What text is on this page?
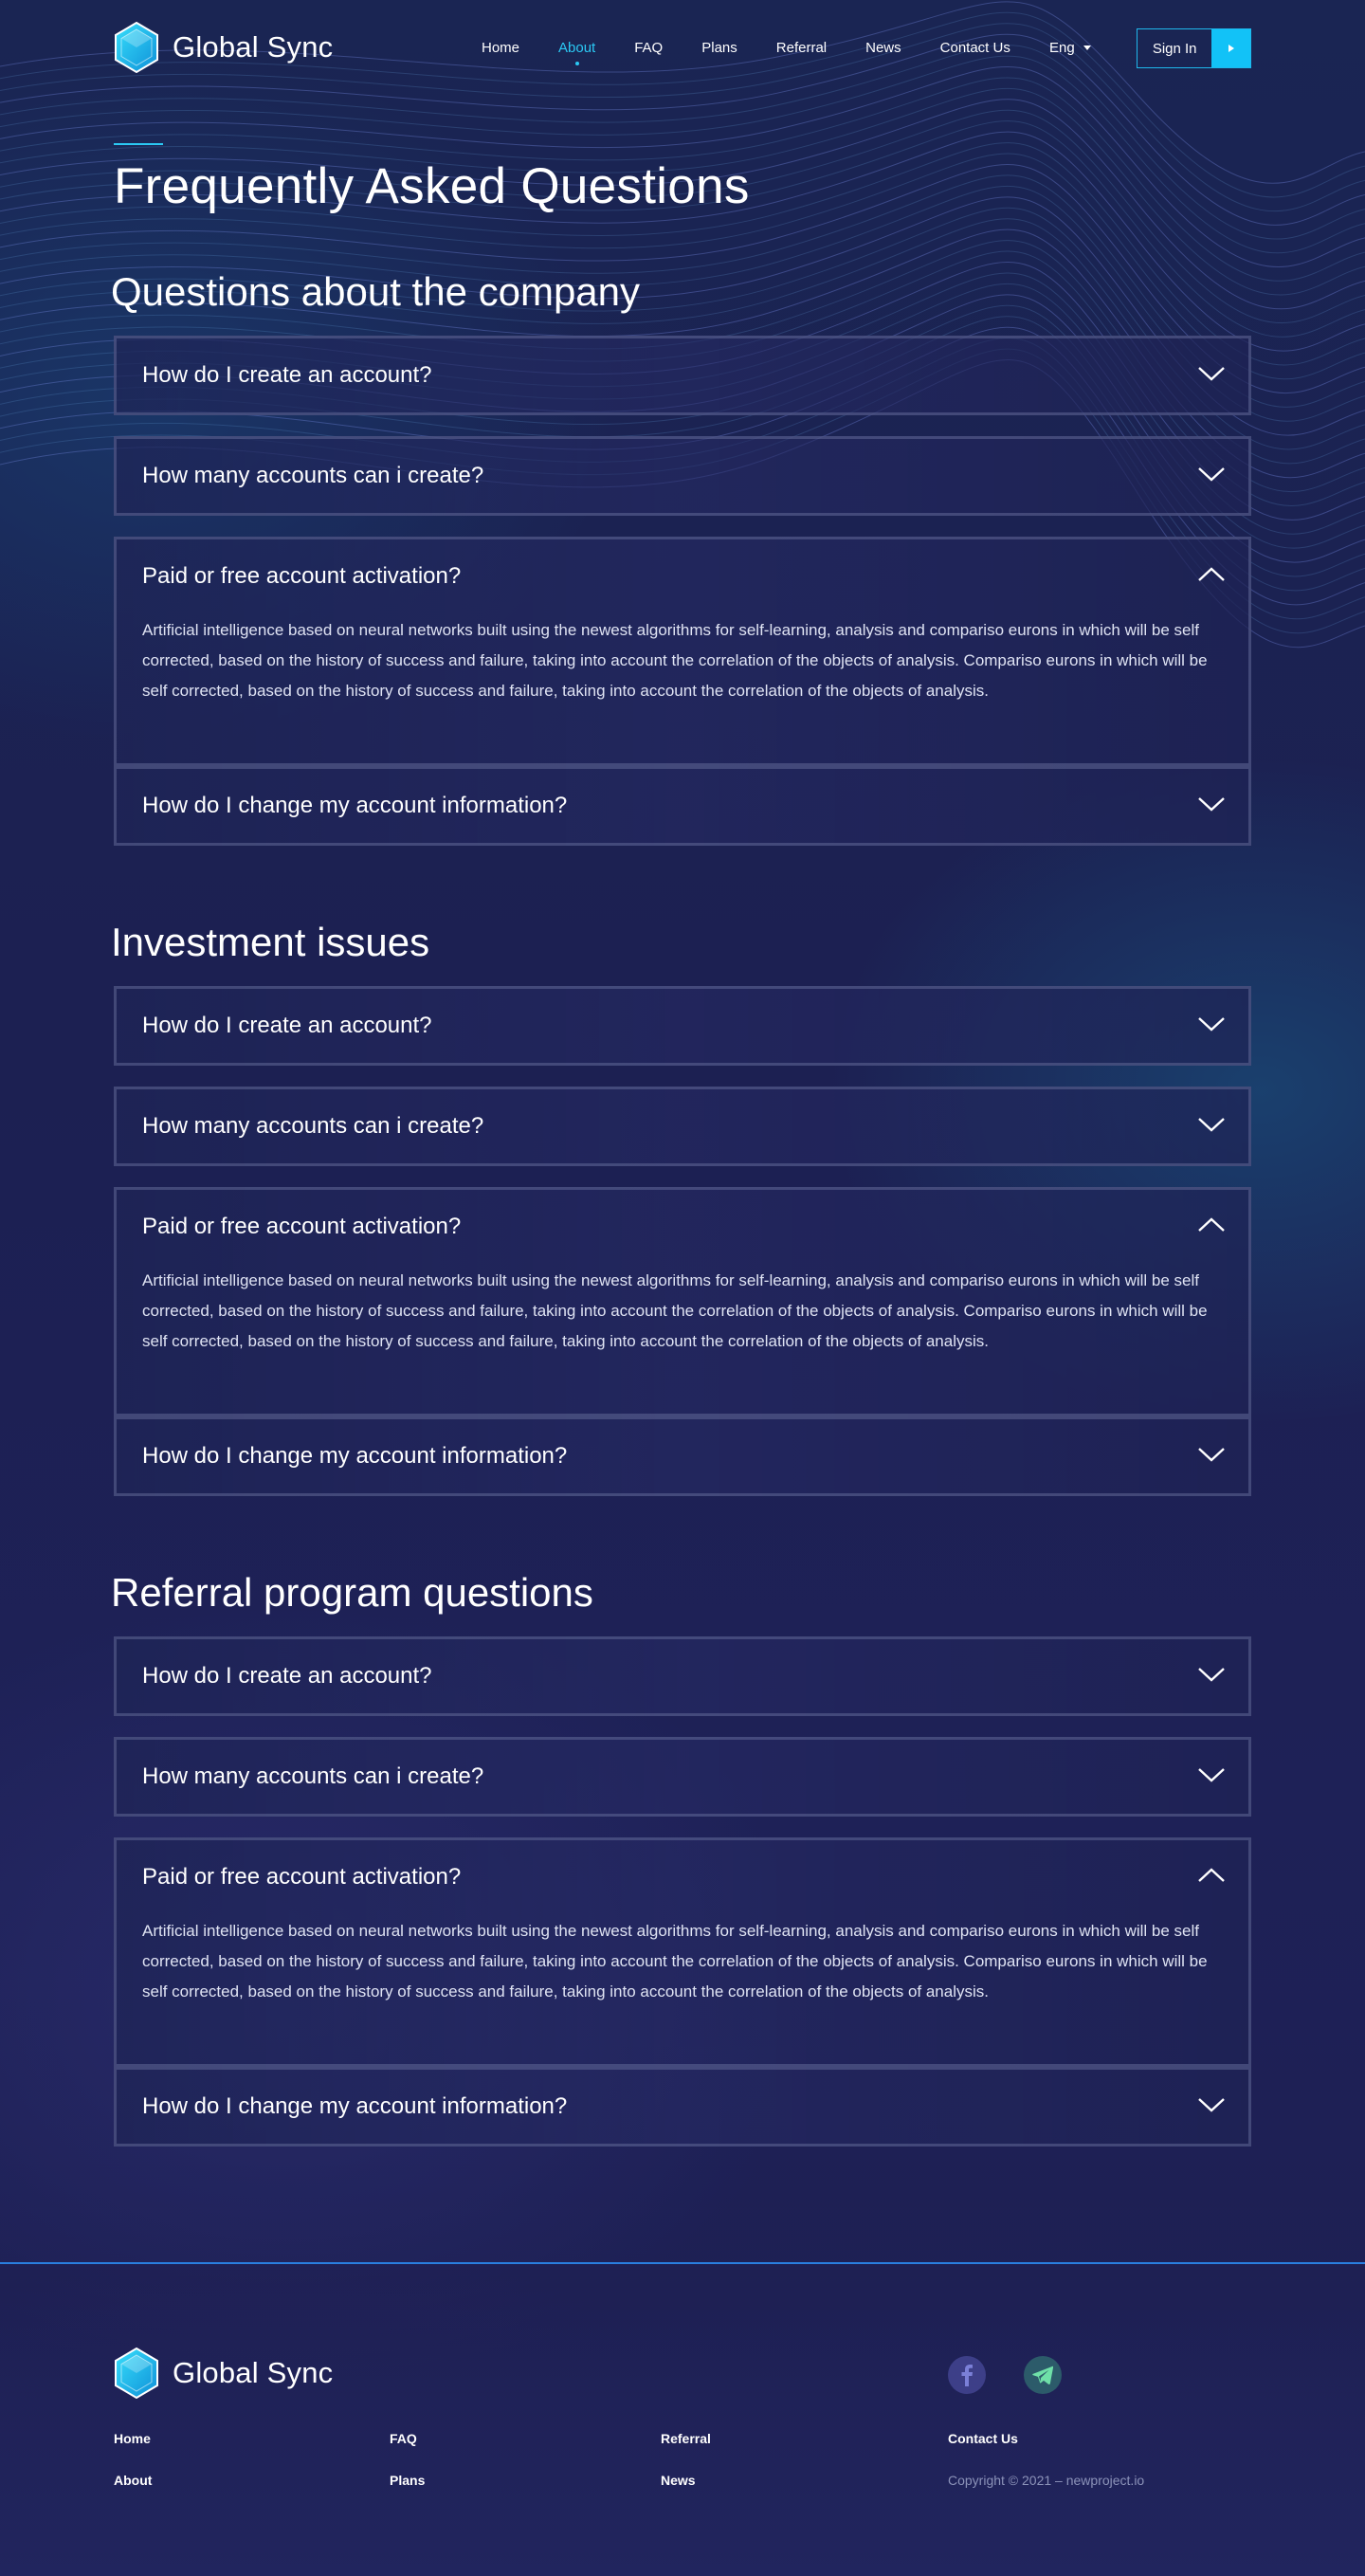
Global Sync	Home	About	FAQ	Plans	Referral	News	Contact Us	Eng	Sign In
Frequently Asked Questions
Questions about the company
How do I create an account?
How many accounts can i create?
Paid or free account activation?

Artificial intelligence based on neural networks built using the newest algorithms for self-learning, analysis and compariso eurons in which will be self corrected, based on the history of success and failure, taking into account the correlation of the objects of analysis. Compariso eurons in which will be self corrected, based on the history of success and failure, taking into account the correlation of the objects of analysis.

How do I change my account information?
Investment issues
How do I create an account?
How many accounts can i create?
Paid or free account activation?

Artificial intelligence based on neural networks built using the newest algorithms for self-learning, analysis and compariso eurons in which will be self corrected, based on the history of success and failure, taking into account the correlation of the objects of analysis. Compariso eurons in which will be self corrected, based on the history of success and failure, taking into account the correlation of the objects of analysis.

How do I change my account information?
Referral program questions
How do I create an account?
How many accounts can i create?
Paid or free account activation?

Artificial intelligence based on neural networks built using the newest algorithms for self-learning, analysis and compariso eurons in which will be self corrected, based on the history of success and failure, taking into account the correlation of the objects of analysis. Compariso eurons in which will be self corrected, based on the history of success and failure, taking into account the correlation of the objects of analysis.

How do I change my account information?
Global Sync
Home
About
FAQ
Plans
Referral
News
Contact Us
Copyright © 2021 – newproject.io
